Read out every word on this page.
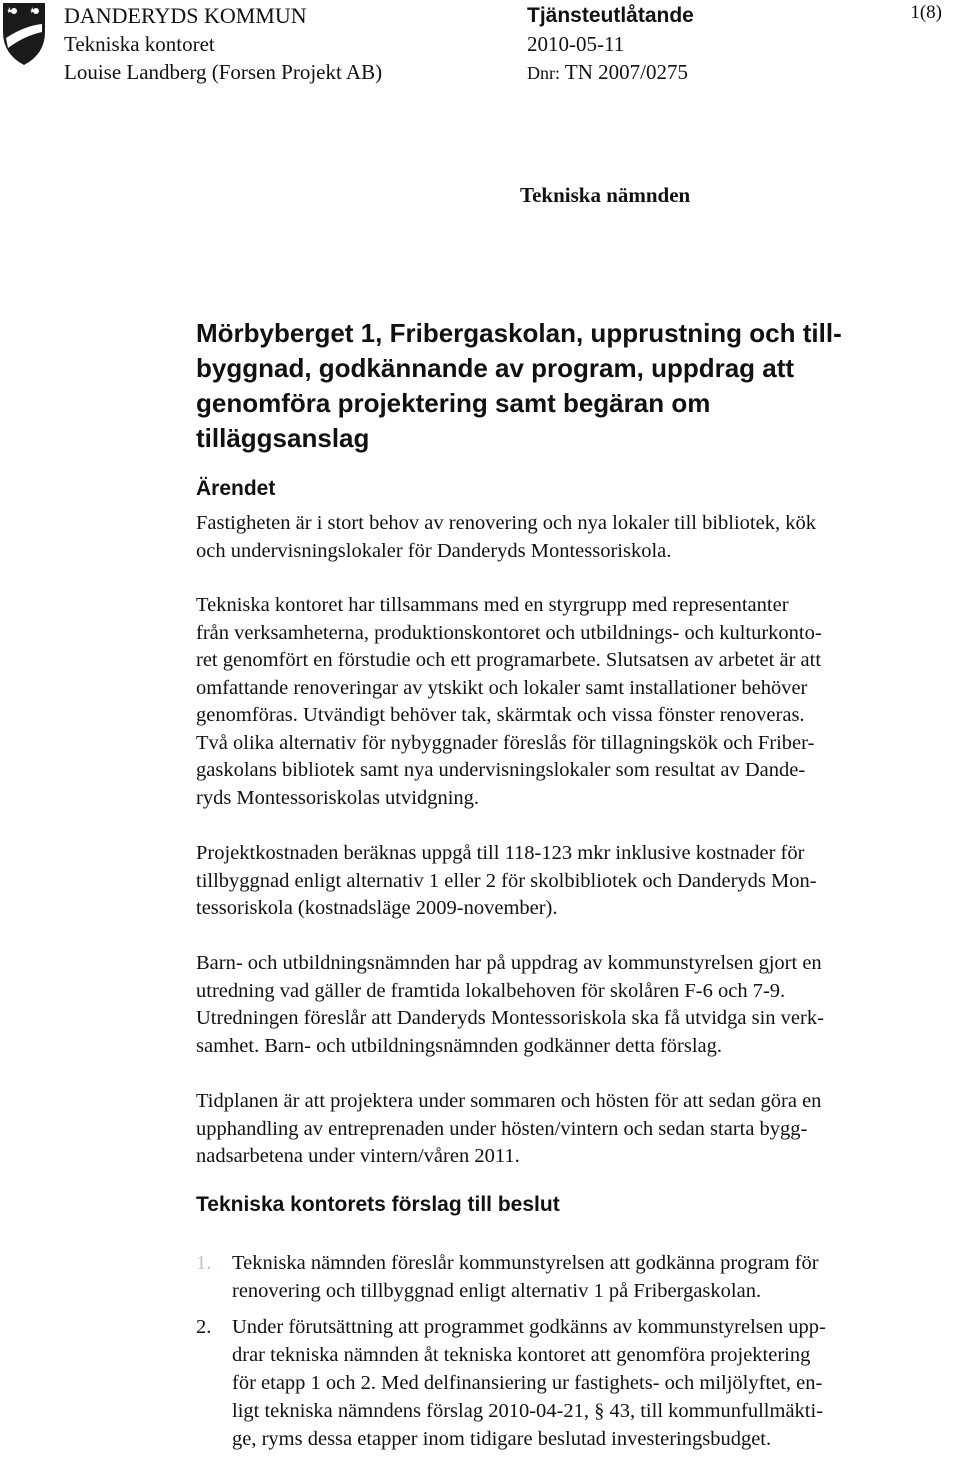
DANDERYDS KOMMUN
Tekniska kontoret
Louise Landberg (Forsen Projekt AB)
Tjänsteutlåtande
2010-05-11
Dnr: TN 2007/0275
1(8)
Tekniska nämnden
Mörbyberget 1, Fribergaskolan, upprustning och till-
byggnad, godkännande av program, uppdrag att
genomföra projektering samt begäran om
tilläggsanslag
Ärendet

Fastigheten är i stort behov av renovering och nya lokaler till bibliotek, kök
och undervisningslokaler för Danderyds Montessoriskola.

Tekniska kontoret har tillsammans med en styrgrupp med representanter
från verksamheterna, produktionskontoret och utbildnings- och kulturkonto-
ret genomfört en förstudie och ett programarbete. Slutsatsen av arbetet är att
omfattande renoveringar av ytskikt och lokaler samt installationer behöver
genomföras. Utvändigt behöver tak, skärmtak och vissa fönster renoveras.
Två olika alternativ för nybyggnader föreslås för tillagningskök och Friber-
gaskolans bibliotek samt nya undervisningslokaler som resultat av Dande-
ryds Montessoriskolas utvidgning.

Projektkostnaden beräknas uppgå till 118-123 mkr inklusive kostnader för
tillbyggnad enligt alternativ 1 eller 2 för skolbibliotek och Danderyds Mon-
tessoriskola (kostnadsläge 2009-november).

Barn- och utbildningsnämnden har på uppdrag av kommunstyrelsen gjort en
utredning vad gäller de framtida lokalbehoven för skolåren F-6 och 7-9.
Utredningen föreslår att Danderyds Montessoriskola ska få utvidga sin verk-
samhet. Barn- och utbildningsnämnden godkänner detta förslag.

Tidplanen är att projektera under sommaren och hösten för att sedan göra en
upphandling av entreprenaden under hösten/vintern och sedan starta bygg-
nadsarbetena under vintern/våren 2011.

Tekniska kontorets förslag till beslut
1. Tekniska nämnden föreslår kommunstyrelsen att godkänna program för
renovering och tillbyggnad enligt alternativ 1 på Fribergaskolan.
2. Under förutsättning att programmet godkänns av kommunstyrelsen upp-
drar tekniska nämnden åt tekniska kontoret att genomföra projektering
för etapp 1 och 2. Med delfinansiering ur fastighets- och miljölyftet, en-
ligt tekniska nämndens förslag 2010-04-21, § 43, till kommunfullmäkti-
ge, ryms dessa etapper inom tidigare beslutad investeringsbudget.
